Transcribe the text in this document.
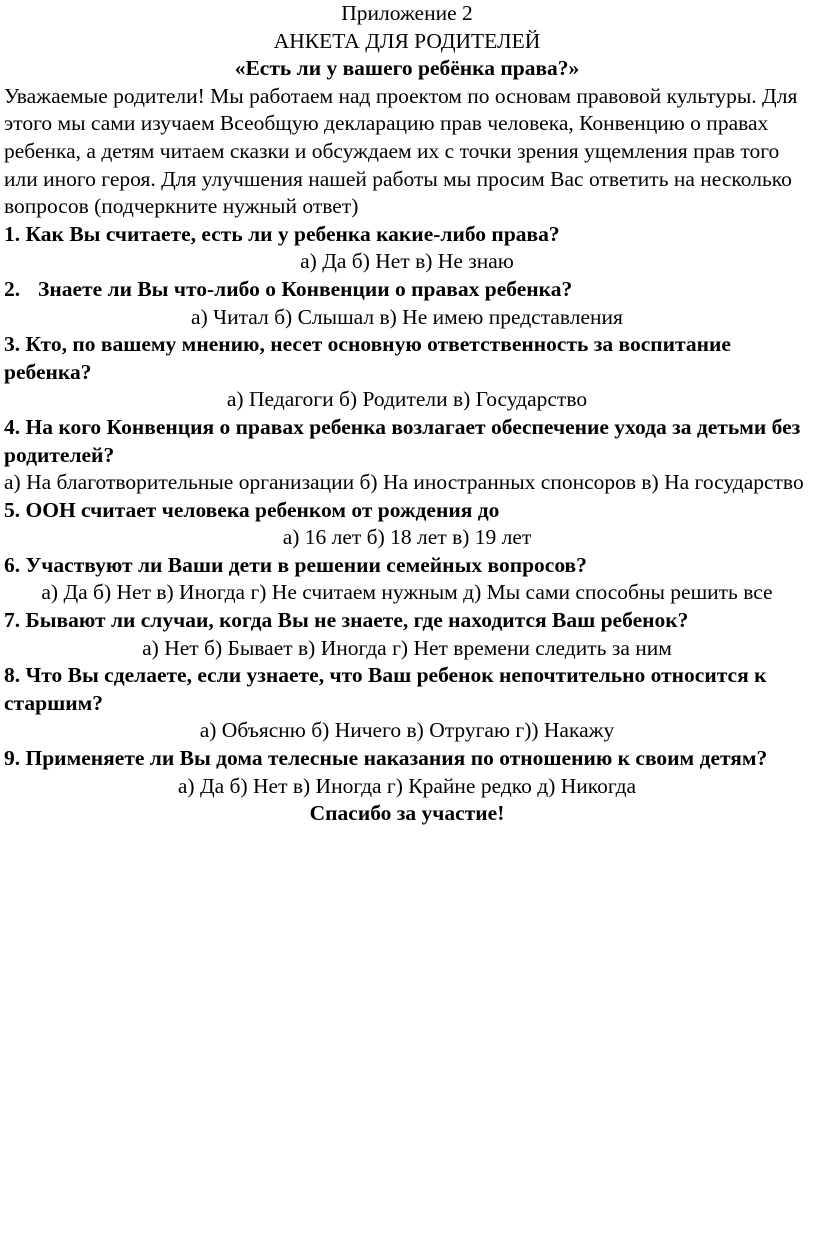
Приложение 2
АНКЕТА ДЛЯ РОДИТЕЛЕЙ
«Есть ли у вашего ребёнка права?»

Уважаемые родители! Мы работаем над проектом по основам правовой культуры. Для этого мы сами изучаем Всеобщую декларацию прав человека, Конвенцию о правах ребенка, а детям читаем сказки и обсуждаем их с точки зрения ущемления прав того или иного героя. Для улучшения нашей работы мы просим Вас ответить на несколько вопросов (подчеркните нужный ответ)

1. Как Вы считаете, есть ли у ребенка какие-либо права?

а) Да б) Нет в) Не знаю

2. Знаете ли Вы что-либо о Конвенции о правах ребенка?

а) Читал б) Слышал в) Не имею представления

3. Кто, по вашему мнению, несет основную ответственность за воспитание ребенка?

а) Педагоги б) Родители в) Государство

4. На кого Конвенция о правах ребенка возлагает обеспечение ухода за детьми без родителей?

а) На благотворительные организации б) На иностранных спонсоров в) На государство

5. ООН считает человека ребенком от рождения до

а) 16 лет б) 18 лет в) 19 лет

6. Участвуют ли Ваши дети в решении семейных вопросов?

а) Да б) Нет в) Иногда г) Не считаем нужным д) Мы сами способны решить все

7. Бывают ли случаи, когда Вы не знаете, где находится Ваш ребенок?

а) Нет б) Бывает в) Иногда г) Нет времени следить за ним

8. Что Вы сделаете, если узнаете, что Ваш ребенок непочтительно относится к старшим?

а) Объясню б) Ничего в) Отругаю г)) Накажу

9. Применяете ли Вы дома телесные наказания по отношению к своим детям?

а) Да б) Нет в) Иногда г) Крайне редко д) Никогда

Спасибо за участие!
